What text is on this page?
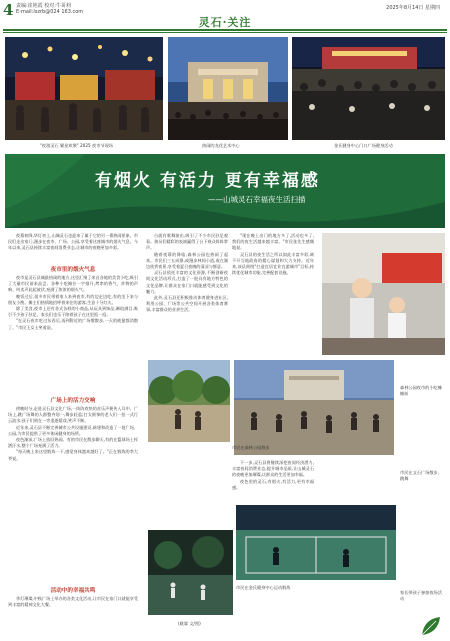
4 责编:崔艳霞 校对:牛哥莉
E-mail:lszrb@024 163.com
2025年8月14日 星期四
灵石·关注
"夜游灵石 繁星欢聚" 2025 夜市节现场	热闹的龙花艺术中心	金氏健身中心门口广场健身活动
有烟火 有活力 更有幸福感
——山城灵石幸福夜生活扫描

夜幕初降,华灯初上,山城灵石也迎来了属于它的另一番热闹景象。市民们走出家门,漫步在夜市、广场、公园,享受着这座城市的烟火气息。今年以来,灵石县持续丰富夜间消费业态,让城市的夜晚更加多彩。

夜市里的烟火气息

夜市是灵石县城最热闹的地方,这里汇聚了来自各地的美食小吃,吸引了大量市民前来品尝。各种小吃摊位一字排开,烤串的香气、炸物的声响、叫卖声此起彼伏,充满了浓浓的烟火气。

晚饭过后,很多市民带着家人来到夜市,有的边走边吃,有的坐下来与朋友小酌。摊主们热情地招呼着来往的游客,生意十分红火。

除了美食,夜市上还有各式各样的小商品,从玩具到饰品,琳琅满目,吸引不少孩子驻足。家长们也乐于陪着孩子在这里逛一逛。

"在灵石夜市吃过东西后,再到附近的广场散散步,一天的疲惫都消散了。"市民王女士笑着说。

广场上的活力交响

傍晚时分,走进灵石县文化广场,一阵阵欢快的音乐声便传入耳中。广场上,跳广场舞的人群整齐划一,舞步轻盈;打太极拳的老人们一招一式行云流水;孩子们则在一旁追逐嬉戏,笑声不断。

近年来,灵石县不断完善城市公共设施建设,新建和改造了一批广场、公园,为市民提供了更多休闲健身的场所。

夜色渐深,广场上依旧热闹。有的市民在散步聊天,有的在篮球场上挥洒汗水,整个广场充满了活力。

"每天晚上来这里锻炼一下,感觉身体越来越好了。"正在锻炼的李大爷说。

活动中的幸福共鸣

华灯璀璨,中秋广场上举办的各类文化活动,让市民在家门口就能享受到丰富的精神文化大餐。

台就有歌舞演出,吸引了不少市民驻足观看。演员们精彩的表演赢得了台下观众阵阵掌声。

随着夜幕的降临,森林公园也热闹了起来。市民们三五成群,或漫步林间小道,或在湖边欣赏夜景,享受着夏日夜晚的清凉与惬意。

灵石县依托丰富的文化资源,不断创新夜间文化活动形式,打造了一批具有地方特色的文化品牌,让群众在家门口就能感受到文化的魅力。

此外,灵石县还积极推动体育健身进社区,利用公园、广场等公共空间开展各类体育赛事,丰富群众的业余生活。

"现在晚上出门的地方多了,活动也多了,我们的夜生活越来越丰富。"市民张先生感慨地说。

灵石县的夜生活之所以如此丰富多彩,离不开当地政府的精心谋划和大力支持。近年来,该县围绕"打造宜居宜业宜游城市"目标,持续优化城市功能,完善配套设施。

下一步,灵石县将继续深挖夜间经济潜力,丰富夜间消费业态,提升城市品质,让山城灵石的夜晚更加璀璨,让群众的生活更加幸福。

夜色里的灵石,有烟火,有活力,更有幸福感。

森林公园夜市的小吃摊摊前
市民在森林公园散步
市民在文石广场散步、跳舞
家长带孩子参加夜场活动
市民在金氏健身中心运动锻炼
(姚霖 文/图)
